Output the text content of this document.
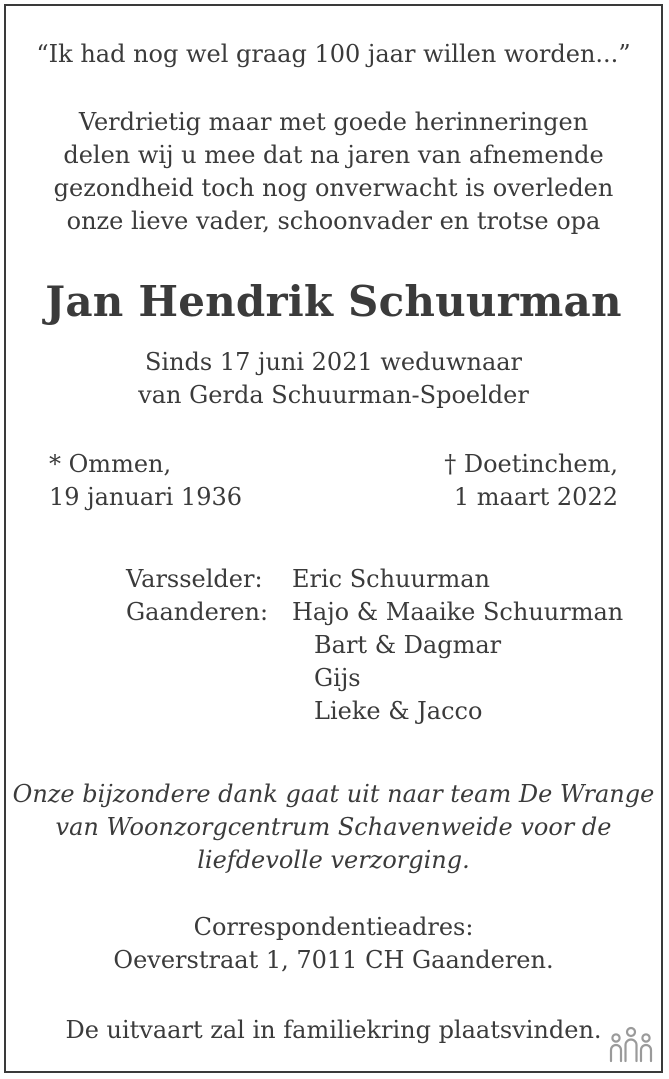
“Ik had nog wel graag 100 jaar willen worden...”
Verdrietig maar met goede herinneringen
delen wij u mee dat na jaren van afnemende
gezondheid toch nog onverwacht is overleden
onze lieve vader, schoonvader en trotse opa
Jan Hendrik Schuurman
Sinds 17 juni 2021 weduwnaar
van Gerda Schuurman-Spoelder
* Ommen,
19 januari 1936
† Doetinchem,
1 maart 2022
Varsselder: Eric Schuurman
Gaanderen: Hajo & Maaike Schuurman
Bart & Dagmar
Gijs
Lieke & Jacco
Onze bijzondere dank gaat uit naar team De Wrange
van Woonzorgcentrum Schavenweide voor de
liefdevolle verzorging.
Correspondentieadres:
Oeverstraat 1, 7011 CH Gaanderen.
De uitvaart zal in familiekring plaatsvinden.
